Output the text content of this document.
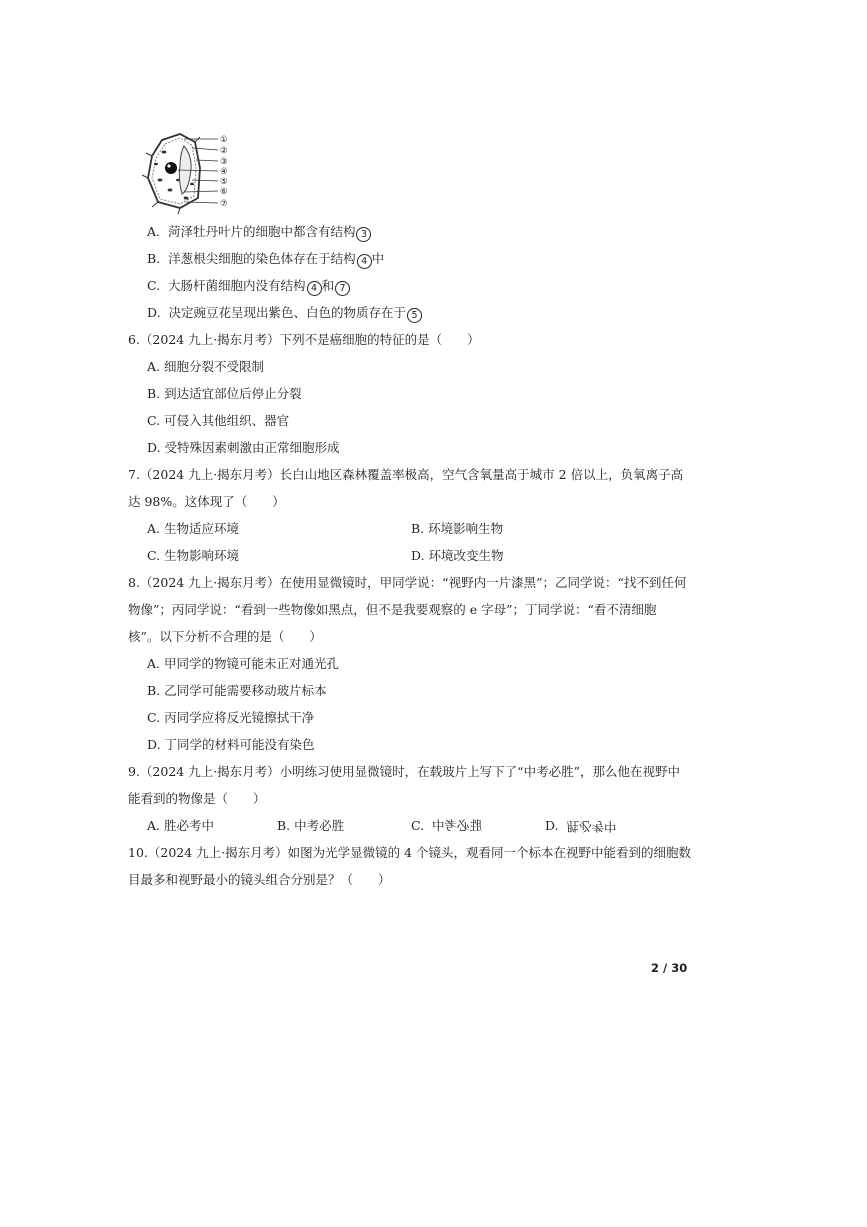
①
②
③
④
⑤
⑥
⑦
A. 菏泽牡丹叶片的细胞中都含有结构 3
B. 洋葱根尖细胞的染色体存在于结构 4 中
C. 大肠杆菌细胞内没有结构 4 和 7
D. 决定豌豆花呈现出紫色、白色的物质存在于 5
6.（2024 九上·揭东月考）下列不是癌细胞的特征的是（　　）
A. 细胞分裂不受限制
B. 到达适宜部位后停止分裂
C. 可侵入其他组织、器官
D. 受特殊因素刺激由正常细胞形成
7.（2024 九上·揭东月考）长白山地区森林覆盖率极高，空气含氧量高于城市 2 倍以上，负氧离子高
达 98%。这体现了（　　）
A. 生物适应环境	B. 环境影响生物
C. 生物影响环境	D. 环境改变生物
8.（2024 九上·揭东月考）在使用显微镜时，甲同学说：“视野内一片漆黑”；乙同学说：“找不到任何
物像”；丙同学说：“看到一些物像如黑点，但不是我要观察的 e 字母”；丁同学说：“看不清细胞
核”。以下分析不合理的是（　　）
A. 甲同学的物镜可能未正对通光孔
B. 乙同学可能需要移动玻片标本
C. 丙同学应将反光镜擦拭干净
D. 丁同学的材料可能没有染色
9.（2024 九上·揭东月考）小明练习使用显微镜时，在载玻片上写下了“中考必胜”，那么他在视野中
能看到的物像是（　　）
A. 胜必考中	B. 中考必胜	C. 胜必考中	D. 胜必考中
10.（2024 九上·揭东月考）如图为光学显微镜的 4 个镜头，观看同一个标本在视野中能看到的细胞数
目最多和视野最小的镜头组合分别是？（　　）
2 / 30
